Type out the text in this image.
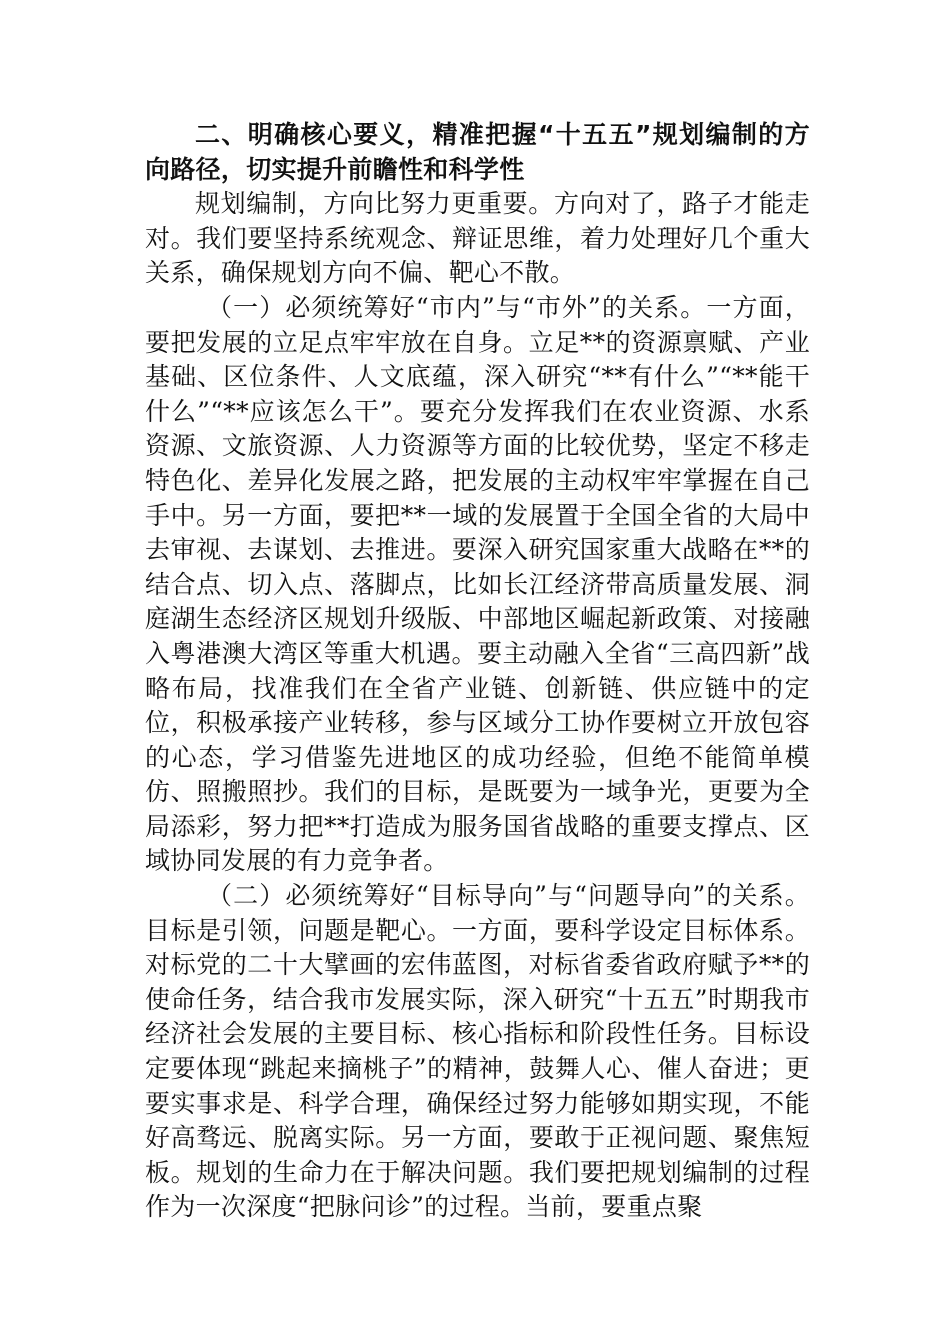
二、明确核心要义，精准把握“十五五”规划编制的方向路径，切实提升前瞻性和科学性

规划编制，方向比努力更重要。方向对了，路子才能走对。我们要坚持系统观念、辩证思维，着力处理好几个重大关系，确保规划方向不偏、靶心不散。

（一）必须统筹好“市内”与“市外”的关系。一方面，要把发展的立足点牢牢放在自身。立足**的资源禀赋、产业基础、区位条件、人文底蕴，深入研究“**有什么”“**能干什么”“**应该怎么干”。要充分发挥我们在农业资源、水系资源、文旅资源、人力资源等方面的比较优势，坚定不移走特色化、差异化发展之路，把发展的主动权牢牢掌握在自己手中。另一方面，要把**一域的发展置于全国全省的大局中去审视、去谋划、去推进。要深入研究国家重大战略在**的结合点、切入点、落脚点，比如长江经济带高质量发展、洞庭湖生态经济区规划升级版、中部地区崛起新政策、对接融入粤港澳大湾区等重大机遇。要主动融入全省“三高四新”战略布局，找准我们在全省产业链、创新链、供应链中的定位，积极承接产业转移，参与区域分工协作要树立开放包容的心态，学习借鉴先进地区的成功经验，但绝不能简单模仿、照搬照抄。我们的目标，是既要为一域争光，更要为全局添彩，努力把**打造成为服务国省战略的重要支撑点、区域协同发展的有力竞争者。

（二）必须统筹好“目标导向”与“问题导向”的关系。目标是引领，问题是靶心。一方面，要科学设定目标体系。对标党的二十大擘画的宏伟蓝图，对标省委省政府赋予**的使命任务，结合我市发展实际，深入研究“十五五”时期我市经济社会发展的主要目标、核心指标和阶段性任务。目标设定要体现“跳起来摘桃子”的精神，鼓舞人心、催人奋进；更要实事求是、科学合理，确保经过努力能够如期实现，不能好高骛远、脱离实际。另一方面，要敢于正视问题、聚焦短板。规划的生命力在于解决问题。我们要把规划编制的过程作为一次深度“把脉问诊”的过程。当前，要重点聚
